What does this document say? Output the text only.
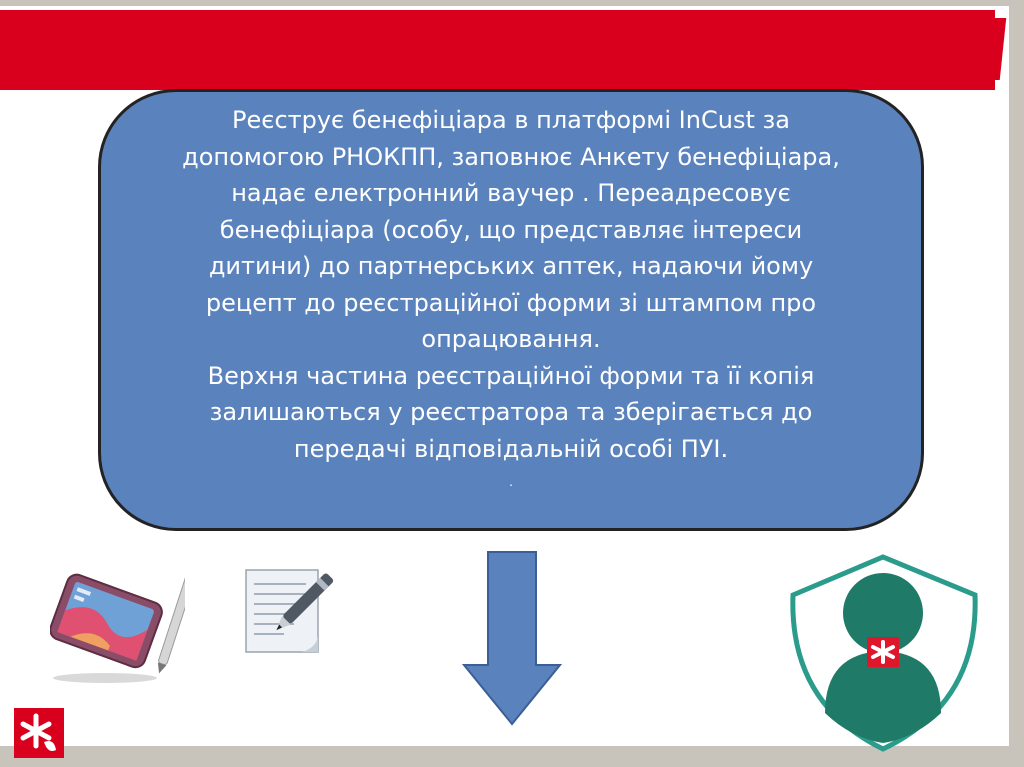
Реєструє бенефіціара в платформі InCust за

допомогою РНОКПП, заповнює Анкету бенефіціара,

надає електронний ваучер . Переадресовує

бенефіціара (особу, що представляє інтереси

дитини) до партнерських аптек, надаючи йому

рецепт до реєстраційної форми зі штампом про

опрацювання.

Верхня частина реєстраційної форми та її копія

залишаються у реєстратора та зберігається до

передачі відповідальній особі ПУІ.

.
